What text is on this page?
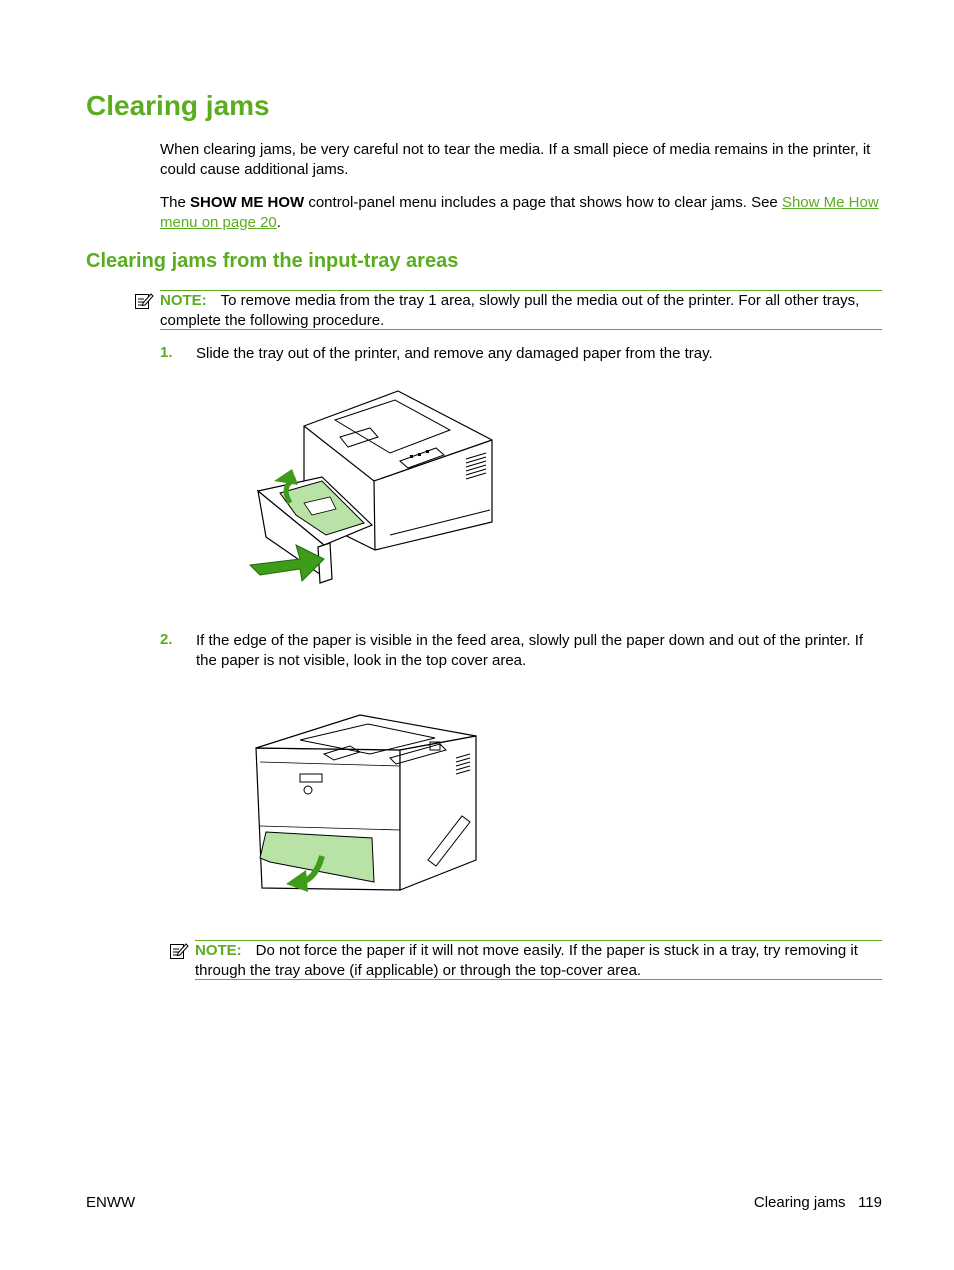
Clearing jams

When clearing jams, be very careful not to tear the media. If a small piece of media remains in the printer, it could cause additional jams.

The SHOW ME HOW control-panel menu includes a page that shows how to clear jams. See Show Me How menu on page 20.

Clearing jams from the input-tray areas
NOTE: To remove media from the tray 1 area, slowly pull the media out of the printer. For all other trays, complete the following procedure.
1. Slide the tray out of the printer, and remove any damaged paper from the tray.
2. If the edge of the paper is visible in the feed area, slowly pull the paper down and out of the printer. If the paper is not visible, look in the top cover area.
NOTE: Do not force the paper if it will not move easily. If the paper is stuck in a tray, try removing it through the tray above (if applicable) or through the top-cover area.
ENWW	Clearing jams 119
